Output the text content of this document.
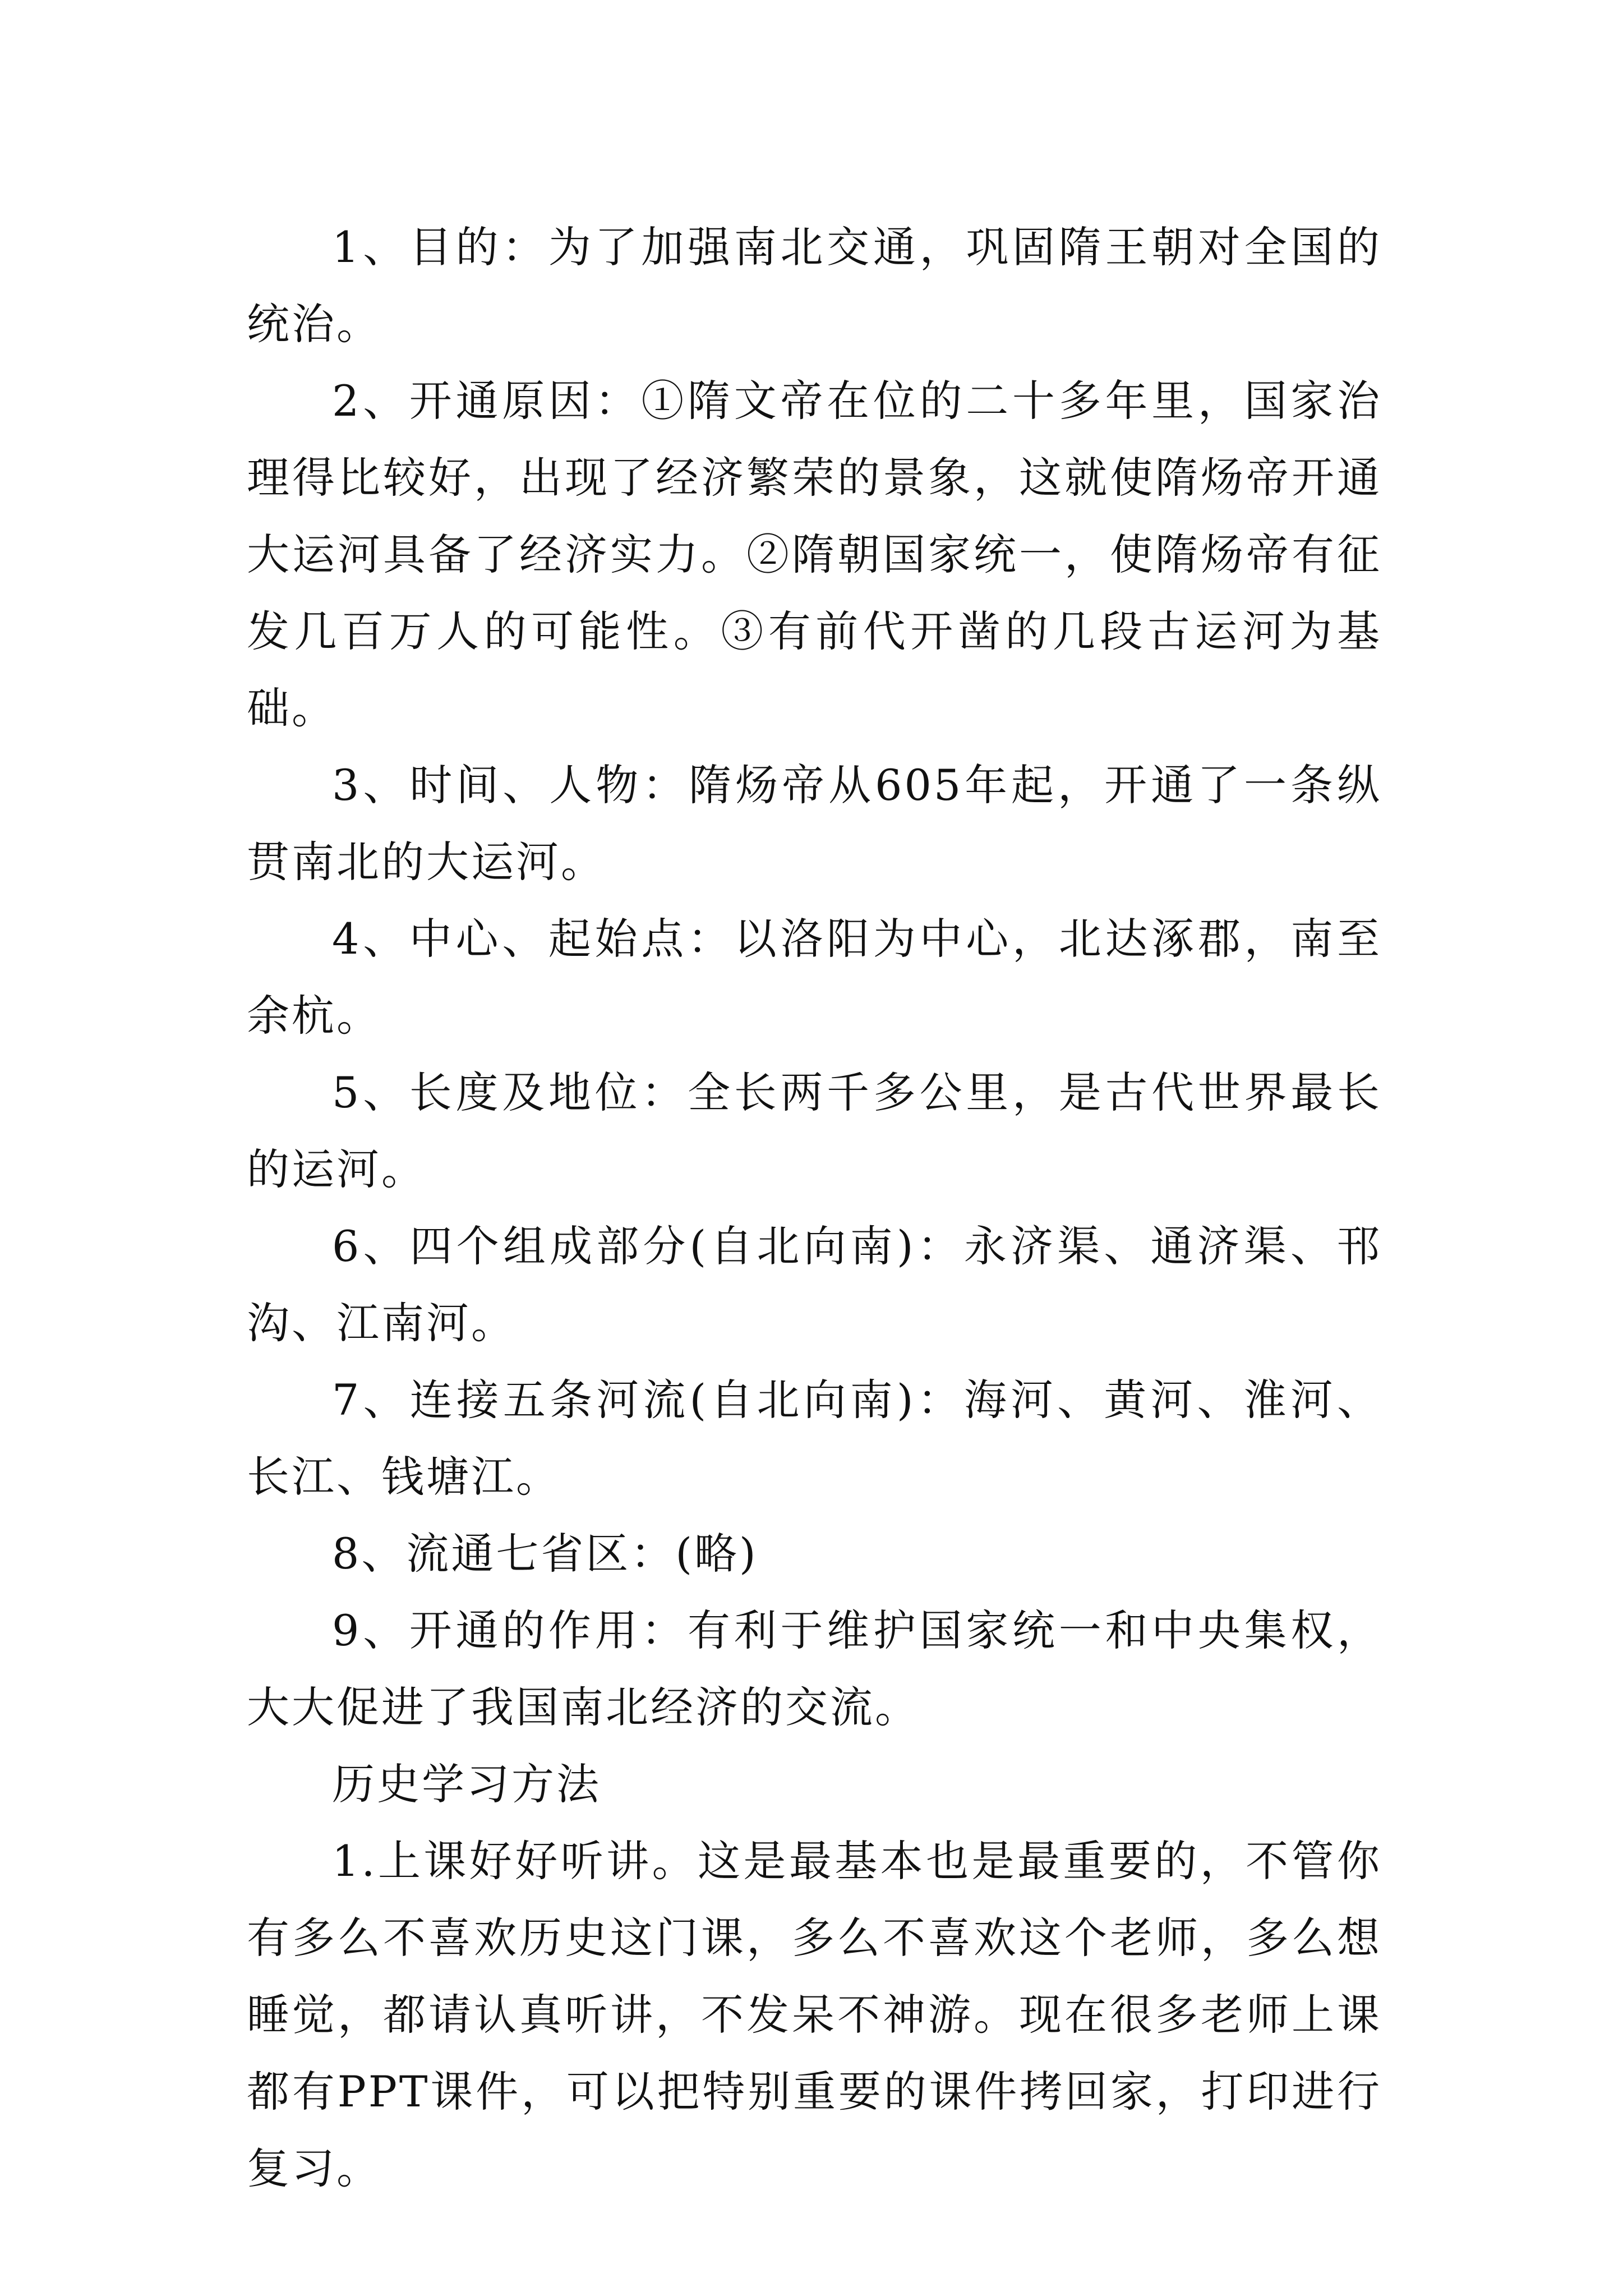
1、目的：为了加强南北交通，巩固隋王朝对全国的统治。

2、开通原因：①隋文帝在位的二十多年里，国家治理得比较好，出现了经济繁荣的景象，这就使隋炀帝开通大运河具备了经济实力。②隋朝国家统一，使隋炀帝有征发几百万人的可能性。③有前代开凿的几段古运河为基础。

3、时间、人物：隋炀帝从605年起，开通了一条纵贯南北的大运河。

4、中心、起始点：以洛阳为中心，北达涿郡，南至余杭。

5、长度及地位：全长两千多公里，是古代世界最长的运河。

6、四个组成部分(自北向南)：永济渠、通济渠、邗沟、江南河。

7、连接五条河流(自北向南)：海河、黄河、淮河、长江、钱塘江。

8、流通七省区：(略)

9、开通的作用：有利于维护国家统一和中央集权，大大促进了我国南北经济的交流。

历史学习方法

1.上课好好听讲。这是最基本也是最重要的，不管你有多么不喜欢历史这门课，多么不喜欢这个老师，多么想睡觉，都请认真听讲，不发呆不神游。现在很多老师上课都有PPT课件，可以把特别重要的课件拷回家，打印进行复习。
